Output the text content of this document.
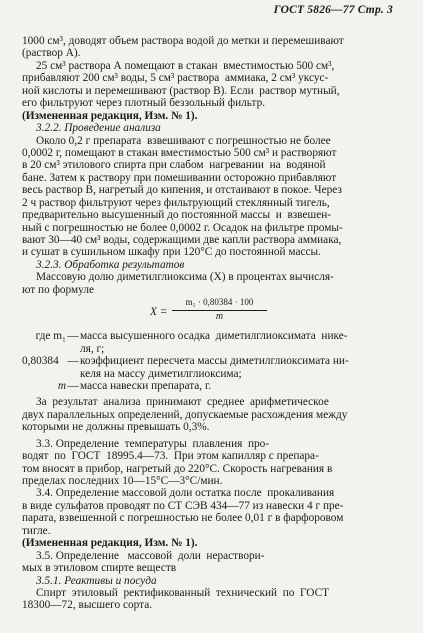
ГОСТ 5826—77 Стр. 3
1000 см³, доводят объем раствора водой до метки и перемешивают
(раствор А).
25 см³ раствора А помещают в стакан  вместимостью 500 см³,
прибавляют 200 см³ воды, 5 см³ раствора  аммиака, 2 см³ уксус-
ной кислоты и перемешивают (раствор В). Если  раствор мутный,
его фильтруют через плотный беззольный фильтр.
(Измененная редакция, Изм. № 1).
3.2.2. Проведение анализа
Около 0,2 г препарата  взвешивают с погрешностью не более
0,0002 г, помещают в стакан вместимостью 500 см³ и растворяют
в 20 см³ этилового спирта при слабом  нагревании  на  водяной
бане. Затем к раствору при помешивании осторожно прибавляют
весь раствор В, нагретый до кипения, и отстаивают в покое. Через
2 ч раствор фильтруют через фильтрующий стеклянный тигель,
предварительно высушенный до постоянной массы  и  взвешен-
ный с погрешностью не более 0,0002 г. Осадок на фильтре промы-
вают 30—40 см³ воды, содержащими две капли раствора аммиака,
и сушат в сушильном шкафу при 120°С до постоянной массы.
3.2.3. Обработка результатов
Массовую долю диметилглиоксима (X) в процентах вычисля-
ют по формуле
$X = \frac{\text{m₁ · 0,80384 · 100}}{m}$
где m₁ — масса высушенного осадка  диметилглиоксимата  нике-
ля, г;
0,80384 — коэффициент пересчета массы диметилглиоксимата ни-
келя на массу диметилглиоксима;
m — масса навески препарата, г.
За  результат  анализа  принимают  среднее  арифметическое
двух параллельных определений, допускаемые расхождения между
которыми не должны превышать 0,3%.
3.3. Определение  температуры  плавления  про-
водят  по  ГОСТ  18995.4—73.  При этом капилляр с препара-
том вносят в прибор, нагретый до 220°С. Скорость нагревания в
пределах последних 10—15°С—3°С/мин.
3.4. Определение массовой доли остатка после  прокаливания
в виде сульфатов проводят по СТ СЭВ 434—77 из навески 4 г пре-
парата, взвешенной с погрешностью не более 0,01 г в фарфоровом
тигле.
(Измененная редакция, Изм. № 1).
3.5. Определение   массовой  доли  нераствори-
мых в этиловом спирте веществ
3.5.1. Реактивы и посуда
Спирт  этиловый  ректификованный  технический  по  ГОСТ
18300—72, высшего сорта.
